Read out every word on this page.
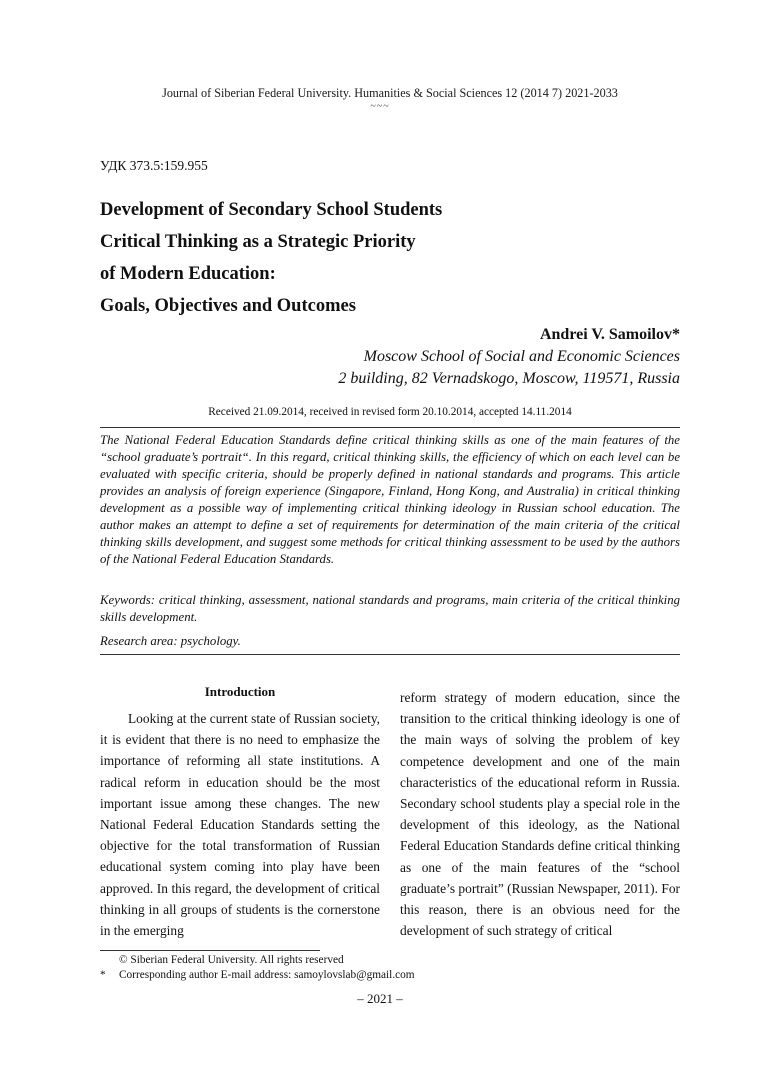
Journal of Siberian Federal University. Humanities & Social Sciences 12 (2014 7) 2021-2033
~~~
УДК 373.5:159.955
Development of Secondary School Students
Critical Thinking as a Strategic Priority
of Modern Education:
Goals, Objectives and Outcomes
Andrei V. Samoilov*
Moscow School of Social and Economic Sciences
2 building, 82 Vernadskogo, Moscow, 119571, Russia
Received 21.09.2014, received in revised form 20.10.2014, accepted 14.11.2014
The National Federal Education Standards define critical thinking skills as one of the main features of the “school graduate’s portrait“. In this regard, critical thinking skills, the efficiency of which on each level can be evaluated with specific criteria, should be properly defined in national standards and programs. This article provides an analysis of foreign experience (Singapore, Finland, Hong Kong, and Australia) in critical thinking development as a possible way of implementing critical thinking ideology in Russian school education. The author makes an attempt to define a set of requirements for determination of the main criteria of the critical thinking skills development, and suggest some methods for critical thinking assessment to be used by the authors of the National Federal Education Standards.
Keywords: critical thinking, assessment, national standards and programs, main criteria of the critical thinking skills development.
Research area: psychology.
Introduction

Looking at the current state of Russian society, it is evident that there is no need to emphasize the importance of reforming all state institutions. A radical reform in education should be the most important issue among these changes. The new National Federal Education Standards setting the objective for the total transformation of Russian educational system coming into play have been approved. In this regard, the development of critical thinking in all groups of students is the cornerstone in the emerging

reform strategy of modern education, since the transition to the critical thinking ideology is one of the main ways of solving the problem of key competence development and one of the main characteristics of the educational reform in Russia. Secondary school students play a special role in the development of this ideology, as the National Federal Education Standards define critical thinking as one of the main features of the “school graduate’s portrait” (Russian Newspaper, 2011). For this reason, there is an obvious need for the development of such strategy of critical

© Siberian Federal University. All rights reserved
* Corresponding author E-mail address: samoylovslab@gmail.com
– 2021 –
